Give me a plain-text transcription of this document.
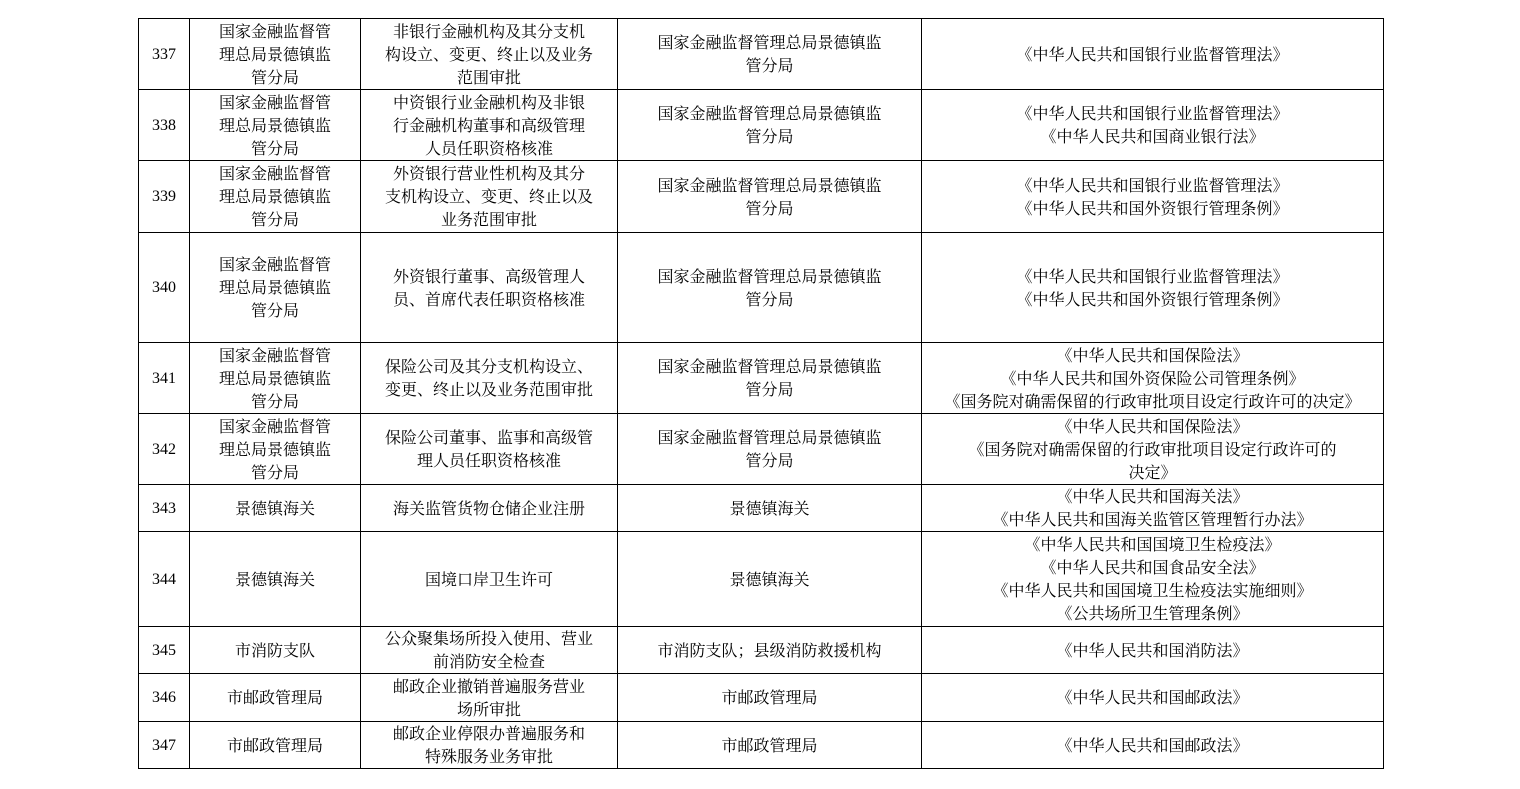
337	国家金融监督管
理总局景德镇监
管分局	非银行金融机构及其分支机
构设立、变更、终止以及业务
范围审批	国家金融监督管理总局景德镇监
管分局	《中华人民共和国银行业监督管理法》

338	国家金融监督管
理总局景德镇监
管分局	中资银行业金融机构及非银
行金融机构董事和高级管理
人员任职资格核准	国家金融监督管理总局景德镇监
管分局	《中华人民共和国银行业监督管理法》
《中华人民共和国商业银行法》

339	国家金融监督管
理总局景德镇监
管分局	外资银行营业性机构及其分
支机构设立、变更、终止以及
业务范围审批	国家金融监督管理总局景德镇监
管分局	《中华人民共和国银行业监督管理法》
《中华人民共和国外资银行管理条例》

340	国家金融监督管
理总局景德镇监
管分局	外资银行董事、高级管理人
员、首席代表任职资格核准	国家金融监督管理总局景德镇监
管分局	《中华人民共和国银行业监督管理法》
《中华人民共和国外资银行管理条例》

341	国家金融监督管
理总局景德镇监
管分局	保险公司及其分支机构设立、
变更、终止以及业务范围审批	国家金融监督管理总局景德镇监
管分局	《中华人民共和国保险法》
《中华人民共和国外资保险公司管理条例》
《国务院对确需保留的行政审批项目设定行政许可的决定》

342	国家金融监督管
理总局景德镇监
管分局	保险公司董事、监事和高级管
理人员任职资格核准	国家金融监督管理总局景德镇监
管分局	《中华人民共和国保险法》
《国务院对确需保留的行政审批项目设定行政许可的
决定》

343	景德镇海关	海关监管货物仓储企业注册	景德镇海关	《中华人民共和国海关法》
《中华人民共和国海关监管区管理暂行办法》

344	景德镇海关	国境口岸卫生许可	景德镇海关	《中华人民共和国国境卫生检疫法》
《中华人民共和国食品安全法》
《中华人民共和国国境卫生检疫法实施细则》
《公共场所卫生管理条例》

345	市消防支队	公众聚集场所投入使用、营业
前消防安全检查	市消防支队；县级消防救援机构	《中华人民共和国消防法》

346	市邮政管理局	邮政企业撤销普遍服务营业
场所审批	市邮政管理局	《中华人民共和国邮政法》

347	市邮政管理局	邮政企业停限办普遍服务和
特殊服务业务审批	市邮政管理局	《中华人民共和国邮政法》
